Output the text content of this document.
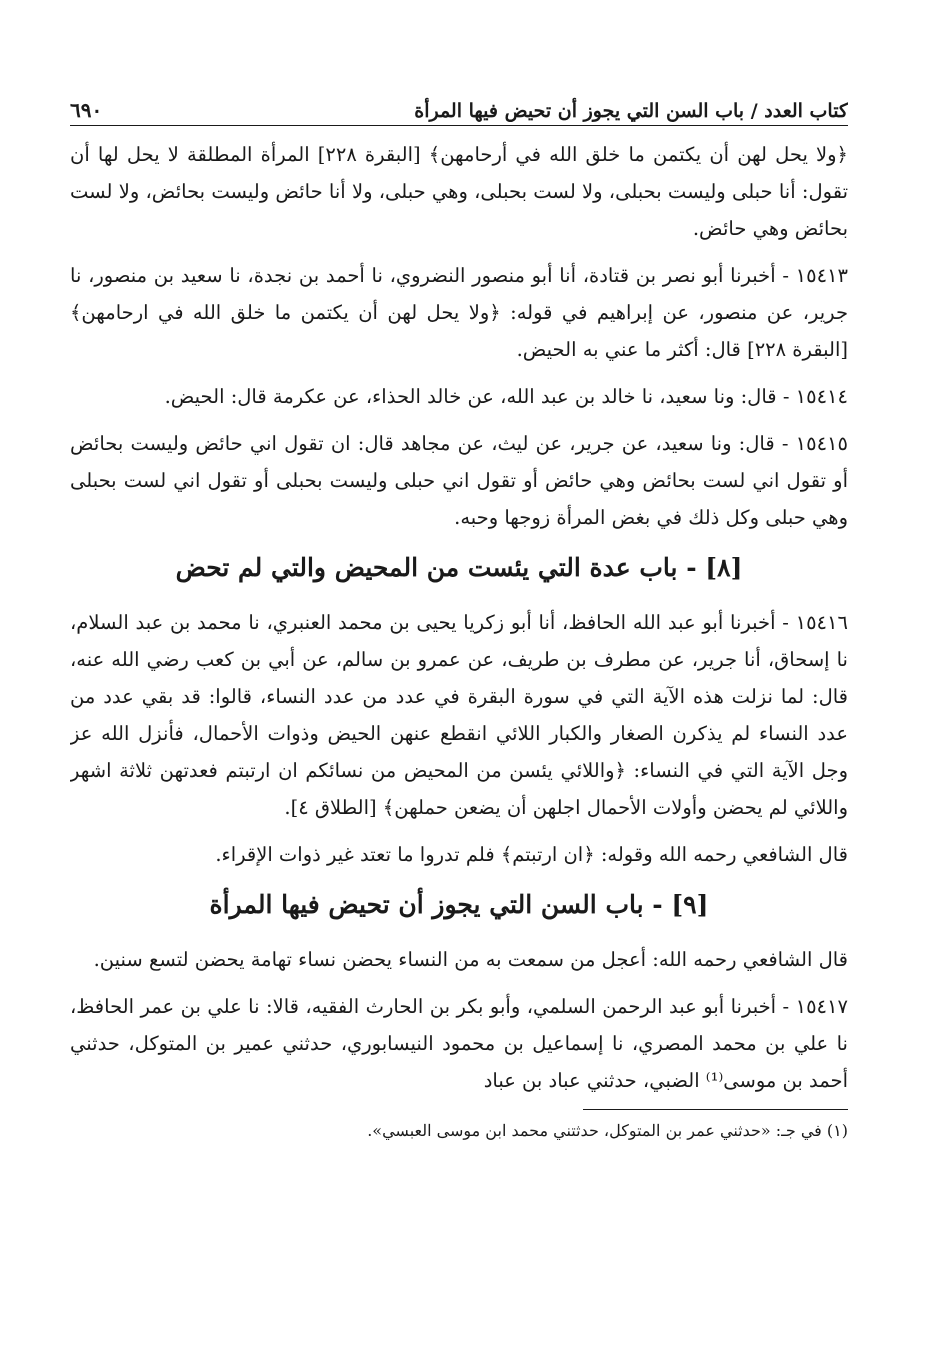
كتاب العدد / باب السن التي يجوز أن تحيض فيها المرأة
٦٩٠

﴿ولا يحل لهن أن يكتمن ما خلق الله في أرحامهن﴾ [البقرة ٢٢٨] المرأة المطلقة لا يحل لها أن تقول: أنا حبلى وليست بحبلى، ولا لست بحبلى، وهي حبلى، ولا أنا حائض وليست بحائض، ولا لست بحائض وهي حائض.

١٥٤١٣ - أخبرنا أبو نصر بن قتادة، أنا أبو منصور النضروي، نا أحمد بن نجدة، نا سعيد بن منصور، نا جرير، عن منصور، عن إبراهيم في قوله: ﴿ولا يحل لهن أن يكتمن ما خلق الله في ارحامهن﴾ [البقرة ٢٢٨] قال: أكثر ما عني به الحيض.

١٥٤١٤ - قال: ونا سعيد، نا خالد بن عبد الله، عن خالد الحذاء، عن عكرمة قال: الحيض.

١٥٤١٥ - قال: ونا سعيد، عن جرير، عن ليث، عن مجاهد قال: ان تقول اني حائض وليست بحائض أو تقول اني لست بحائض وهي حائض أو تقول اني حبلى وليست بحبلى أو تقول اني لست بحبلى وهي حبلى وكل ذلك في بغض المرأة زوجها وحبه.

[٨] - باب عدة التي يئست من المحيض والتي لم تحض

١٥٤١٦ - أخبرنا أبو عبد الله الحافظ، أنا أبو زكريا يحيى بن محمد العنبري، نا محمد بن عبد السلام، نا إسحاق، أنا جرير، عن مطرف بن طريف، عن عمرو بن سالم، عن أبي بن كعب رضي الله عنه، قال: لما نزلت هذه الآية التي في سورة البقرة في عدد من عدد النساء، قالوا: قد بقي عدد من عدد النساء لم يذكرن الصغار والكبار اللائي انقطع عنهن الحيض وذوات الأحمال، فأنزل الله عز وجل الآية التي في النساء: ﴿واللائي يئسن من المحيض من نسائكم ان ارتبتم فعدتهن ثلاثة اشهر واللائي لم يحضن وأولات الأحمال اجلهن أن يضعن حملهن﴾ [الطلاق ٤].

قال الشافعي رحمه الله وقوله: ﴿ان ارتبتم﴾ فلم تدروا ما تعتد غير ذوات الإقراء.

[٩] - باب السن التي يجوز أن تحيض فيها المرأة

قال الشافعي رحمه الله: أعجل من سمعت به من النساء يحضن نساء تهامة يحضن لتسع سنين.

١٥٤١٧ - أخبرنا أبو عبد الرحمن السلمي، وأبو بكر بن الحارث الفقيه، قالا: نا علي بن عمر الحافظ، نا علي بن محمد المصري، نا إسماعيل بن محمود النيسابوري، حدثني عمير بن المتوكل، حدثني أحمد بن موسى⁽¹⁾ الضبي، حدثني عباد بن عباد

(١) في جـ: «حدثني عمر بن المتوكل، حدثتني محمد ابن موسى العبسي».
